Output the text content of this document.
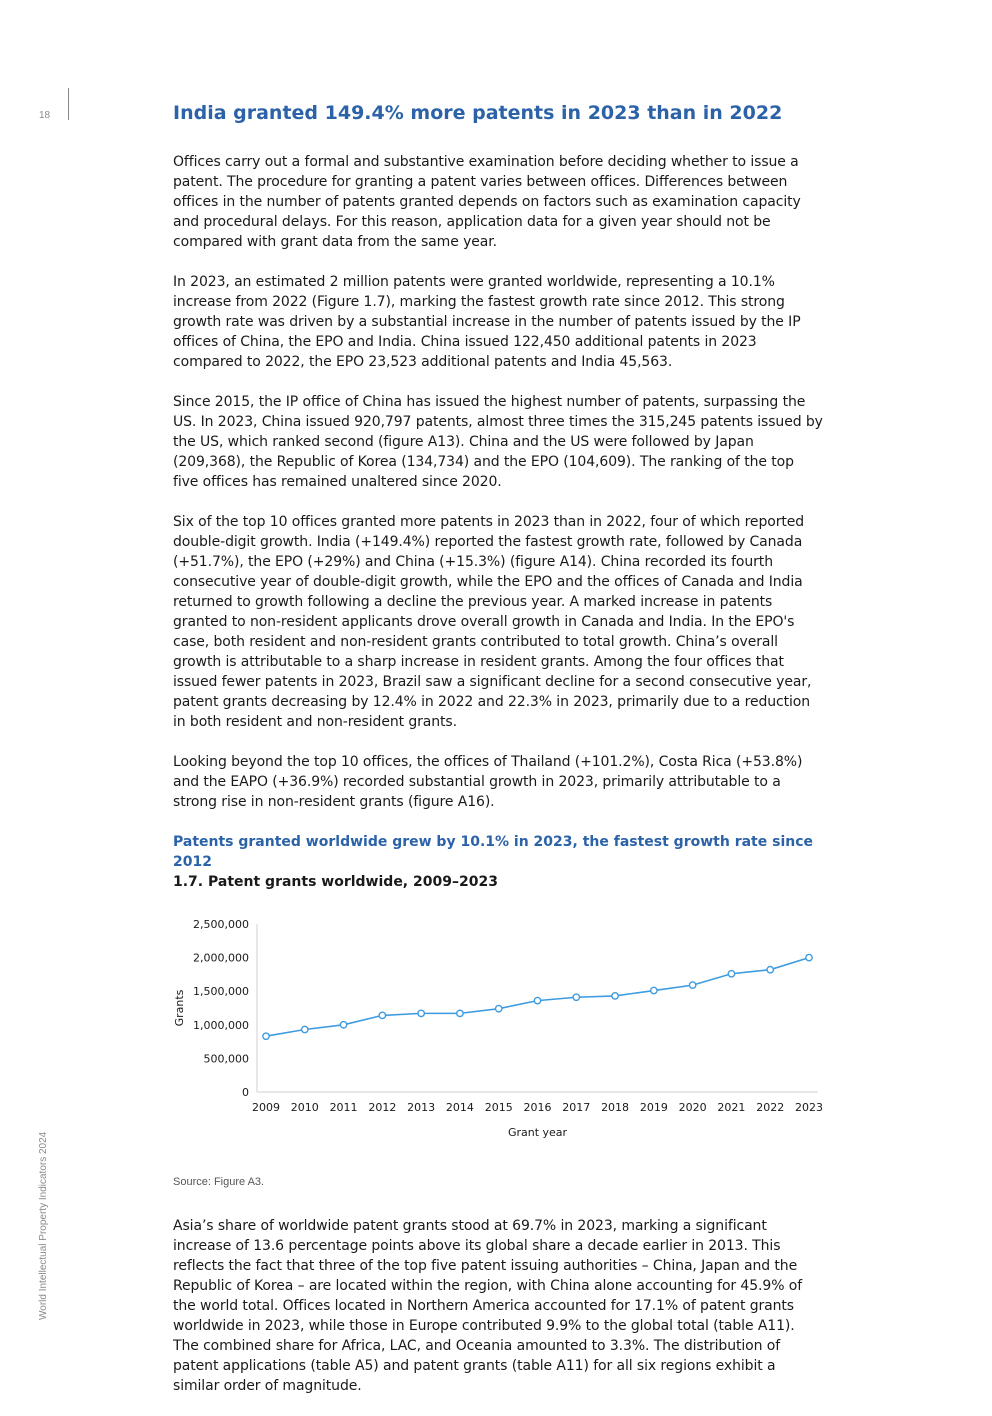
18
World Intellectual Property Indicators 2024
India granted 149.4% more patents in 2023 than in 2022

Offices carry out a formal and substantive examination before deciding whether to issue a patent. The procedure for granting a patent varies between offices. Differences between offices in the number of patents granted depends on factors such as examination capacity and procedural delays. For this reason, application data for a given year should not be compared with grant data from the same year.

In 2023, an estimated 2 million patents were granted worldwide, representing a 10.1% increase from 2022 (Figure 1.7), marking the fastest growth rate since 2012. This strong growth rate was driven by a substantial increase in the number of patents issued by the IP offices of China, the EPO and India. China issued 122,450 additional patents in 2023 compared to 2022, the EPO 23,523 additional patents and India 45,563.

Since 2015, the IP office of China has issued the highest number of patents, surpassing the US. In 2023, China issued 920,797 patents, almost three times the 315,245 patents issued by the US, which ranked second (figure A13). China and the US were followed by Japan (209,368), the Republic of Korea (134,734) and the EPO (104,609). The ranking of the top five offices has remained unaltered since 2020.

Six of the top 10 offices granted more patents in 2023 than in 2022, four of which reported double-digit growth. India (+149.4%) reported the fastest growth rate, followed by Canada (+51.7%), the EPO (+29%) and China (+15.3%) (figure A14). China recorded its fourth consecutive year of double-digit growth, while the EPO and the offices of Canada and India returned to growth following a decline the previous year. A marked increase in patents granted to non-resident applicants drove overall growth in Canada and India. In the EPO's case, both resident and non-resident grants contributed to total growth. China’s overall growth is attributable to a sharp increase in resident grants. Among the four offices that issued fewer patents in 2023, Brazil saw a significant decline for a second consecutive year, patent grants decreasing by 12.4% in 2022 and 22.3% in 2023, primarily due to a reduction in both resident and non-resident grants.

Looking beyond the top 10 offices, the offices of Thailand (+101.2%), Costa Rica (+53.8%) and the EAPO (+36.9%) recorded substantial growth in 2023, primarily attributable to a strong rise in non-resident grants (figure A16).

Patents granted worldwide grew by 10.1% in 2023, the fastest growth rate since 2012
1.7. Patent grants worldwide, 2009–2023
0
500,000
1,000,000
1,500,000
2,000,000
2,500,000
2009 2010 2011 2012 2013 2014 2015 2016 2017 2018 2019 2020 2021 2022 2023
Grants
Grant year
Source: Figure A3.

Asia’s share of worldwide patent grants stood at 69.7% in 2023, marking a significant increase of 13.6 percentage points above its global share a decade earlier in 2013. This reflects the fact that three of the top five patent issuing authorities – China, Japan and the Republic of Korea – are located within the region, with China alone accounting for 45.9% of the world total. Offices located in Northern America accounted for 17.1% of patent grants worldwide in 2023, while those in Europe contributed 9.9% to the global total (table A11). The combined share for Africa, LAC, and Oceania amounted to 3.3%. The distribution of patent applications (table A5) and patent grants (table A11) for all six regions exhibit a similar order of magnitude.
